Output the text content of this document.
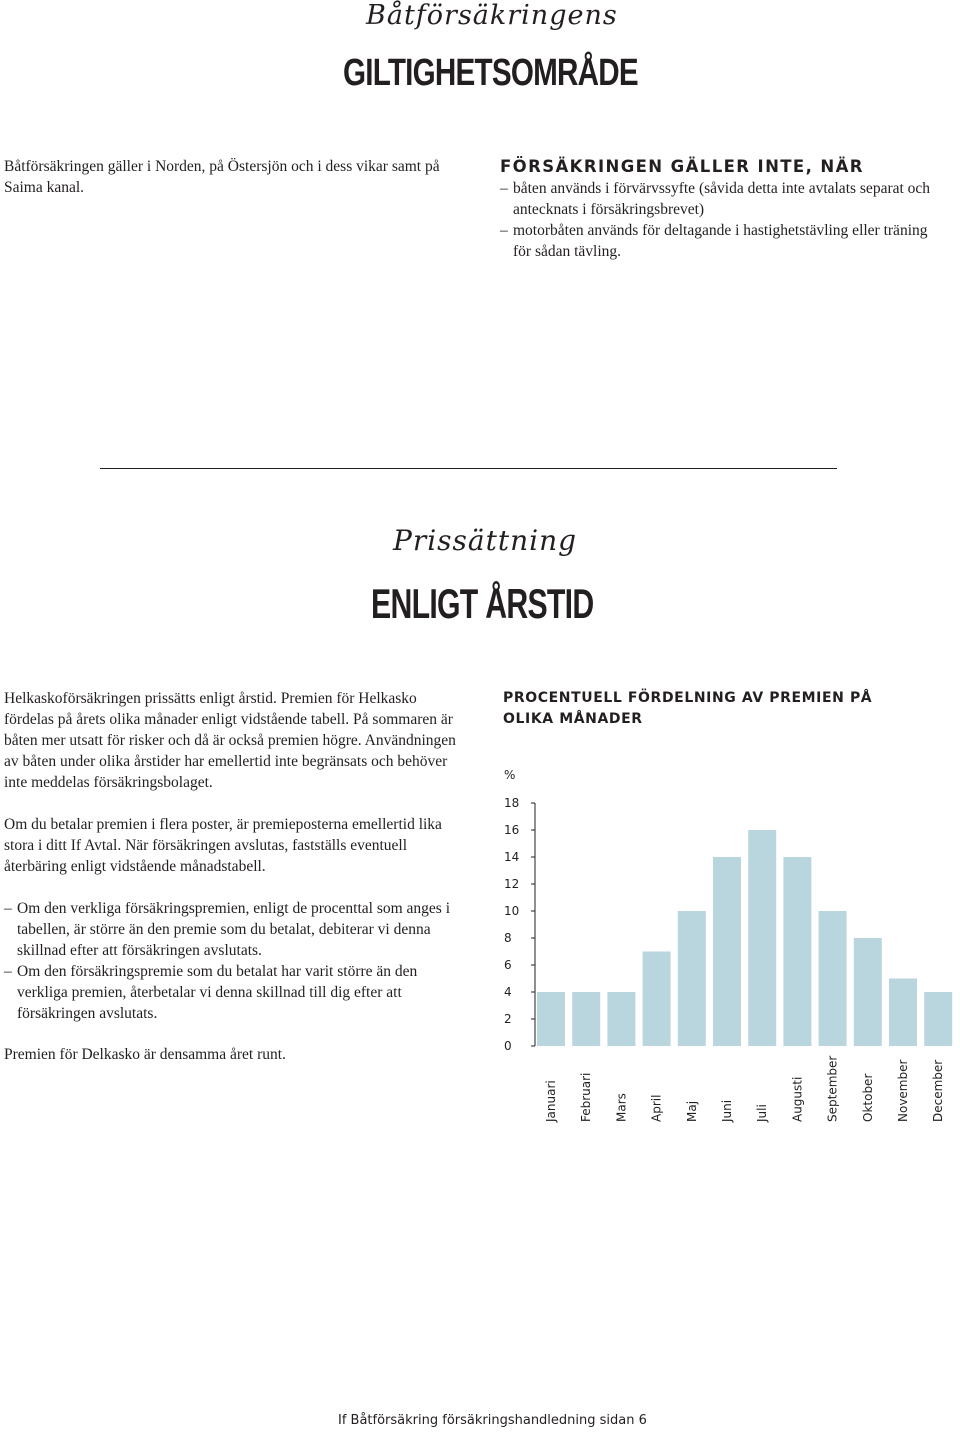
Båtförsäkringens
GILTIGHETSOMRÅDE

Båtförsäkringen gäller i Norden, på Östersjön och i dess vikar samt på Saima kanal.

FÖRSÄKRINGEN GÄLLER INTE, NÄR
– båten används i förvärvssyfte (såvida detta inte avtalats separat och antecknats i försäkringsbrevet)
– motorbåten används för deltagande i hastighetstävling eller träning för sådan tävling.
Prissättning
ENLIGT ÅRSTID

Helkaskoförsäkringen prissätts enligt årstid. Premien för Helkasko fördelas på årets olika månader enligt vidstående tabell. På sommaren är båten mer utsatt för risker och då är också premien högre. Användningen av båten under olika årstider har emellertid inte begränsats och behöver inte meddelas försäkringsbolaget.

Om du betalar premien i flera poster, är premieposterna emellertid lika stora i ditt If Avtal. När försäkringen avslutas, fastställs eventuell återbäring enligt vidstående månadstabell.

– Om den verkliga försäkringspremien, enligt de procenttal som anges i tabellen, är större än den premie som du betalat, debiterar vi denna skillnad efter att försäkringen avslutats.
– Om den försäkringspremie som du betalat har varit större än den verkliga premien, återbetalar vi denna skillnad till dig efter att försäkringen avslutats.

Premien för Delkasko är densamma året runt.

PROCENTUELL FÖRDELNING AV PREMIEN PÅ OLIKA MÅNADER
%
0
2
4
6
8
10
12
14
16
18
Januari Februari Mars April Maj Juni Juli Augusti September Oktober November December
If Båtförsäkring försäkringshandledning sidan 6
